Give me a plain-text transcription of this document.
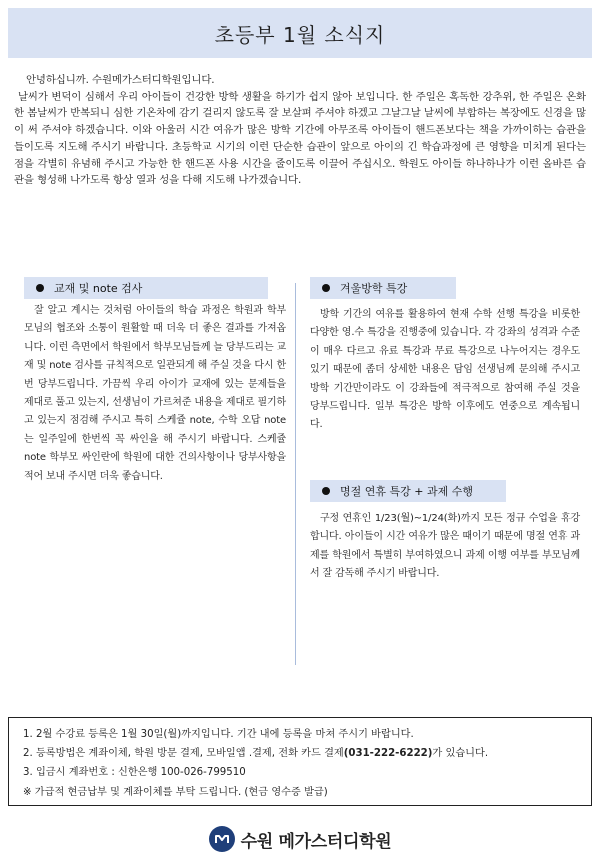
초등부 1월 소식지

안녕하십니까. 수원메가스터디학원입니다.

날씨가 변덕이 심해서 우리 아이들이 건강한 방학 생활을 하기가 쉽지 않아 보입니다. 한 주일은 혹독한 강추위, 한 주일은 온화한 봄날씨가 반복되니 심한 기온차에 감기 걸리지 않도록 잘 보살펴 주셔야 하겠고 그날그날 날씨에 부합하는 복장에도 신경을 많이 써 주셔야 하겠습니다. 이와 아울러 시간 여유가 많은 방학 기간에 아무조록 아이들이 핸드폰보다는 책을 가까이하는 습관을 들이도록 지도해 주시기 바랍니다. 초등학교 시기의 이런 단순한 습관이 앞으로 아이의 긴 학습과정에 큰 영향을 미치게 된다는 점을 각별히 유념해 주시고 가능한 한 핸드폰 사용 시간을 줄이도록 이끌어 주십시오. 학원도 아이들 하나하나가 이런 올바른 습관을 형성해 나가도록 항상 열과 성을 다해 지도해 나가겠습니다.

교재 및 note 검사

잘 알고 계시는 것처럼 아이들의 학습 과정은 학원과 학부모님의 협조와 소통이 원활할 때 더욱 더 좋은 결과를 가져옵니다. 이런 측면에서 학원에서 학부모님들께 늘 당부드리는 교재 및 note 검사를 규칙적으로 일관되게 해 주실 것을 다시 한번 당부드립니다. 가끔씩 우리 아이가 교재에 있는 문제들을 제대로 풀고 있는지, 선생님이 가르쳐준 내용을 제대로 필기하고 있는지 점검해 주시고 특히 스케쥴 note, 수학 오답 note는 일주일에 한번씩 꼭 싸인을 해 주시기 바랍니다. 스케쥴 note 학부모 싸인란에 학원에 대한 건의사항이나 당부사항을 적어 보내 주시면 더욱 좋습니다.

겨울방학 특강

방학 기간의 여유를 활용하여 현재 수학 선행 특강을 비롯한 다양한 영.수 특강을 진행중에 있습니다. 각 강좌의 성격과 수준이 매우 다르고 유료 특강과 무료 특강으로 나누어지는 경우도 있기 때문에 좀더 상세한 내용은 담임 선생님께 문의해 주시고 방학 기간만이라도 이 강좌들에 적극적으로 참여해 주실 것을 당부드립니다. 일부 특강은 방학 이후에도 연중으로 계속됩니다.

명절 연휴 특강 + 과제 수행

구정 연휴인 1/23(월)~1/24(화)까지 모든 정규 수업을 휴강합니다. 아이들이 시간 여유가 많은 때이기 때문에 명절 연휴 과제를 학원에서 특별히 부여하였으니 과제 이행 여부를 부모님께서 잘 감독해 주시기 바랍니다.

1. 2월 수강료 등록은 1월 30일(월)까지입니다. 기간 내에 등록을 마쳐 주시기 바랍니다.
2. 등록방법은 계좌이체, 학원 방문 결제, 모바일앱 .결제, 전화 카드 결제(031-222-6222)가 있습니다.
3. 입금시 계좌번호 : 신한은행 100-026-799510
※ 가급적 현금납부 및 계좌이체를 부탁 드립니다. (현금 영수증 발급)
수원 메가스터디학원
